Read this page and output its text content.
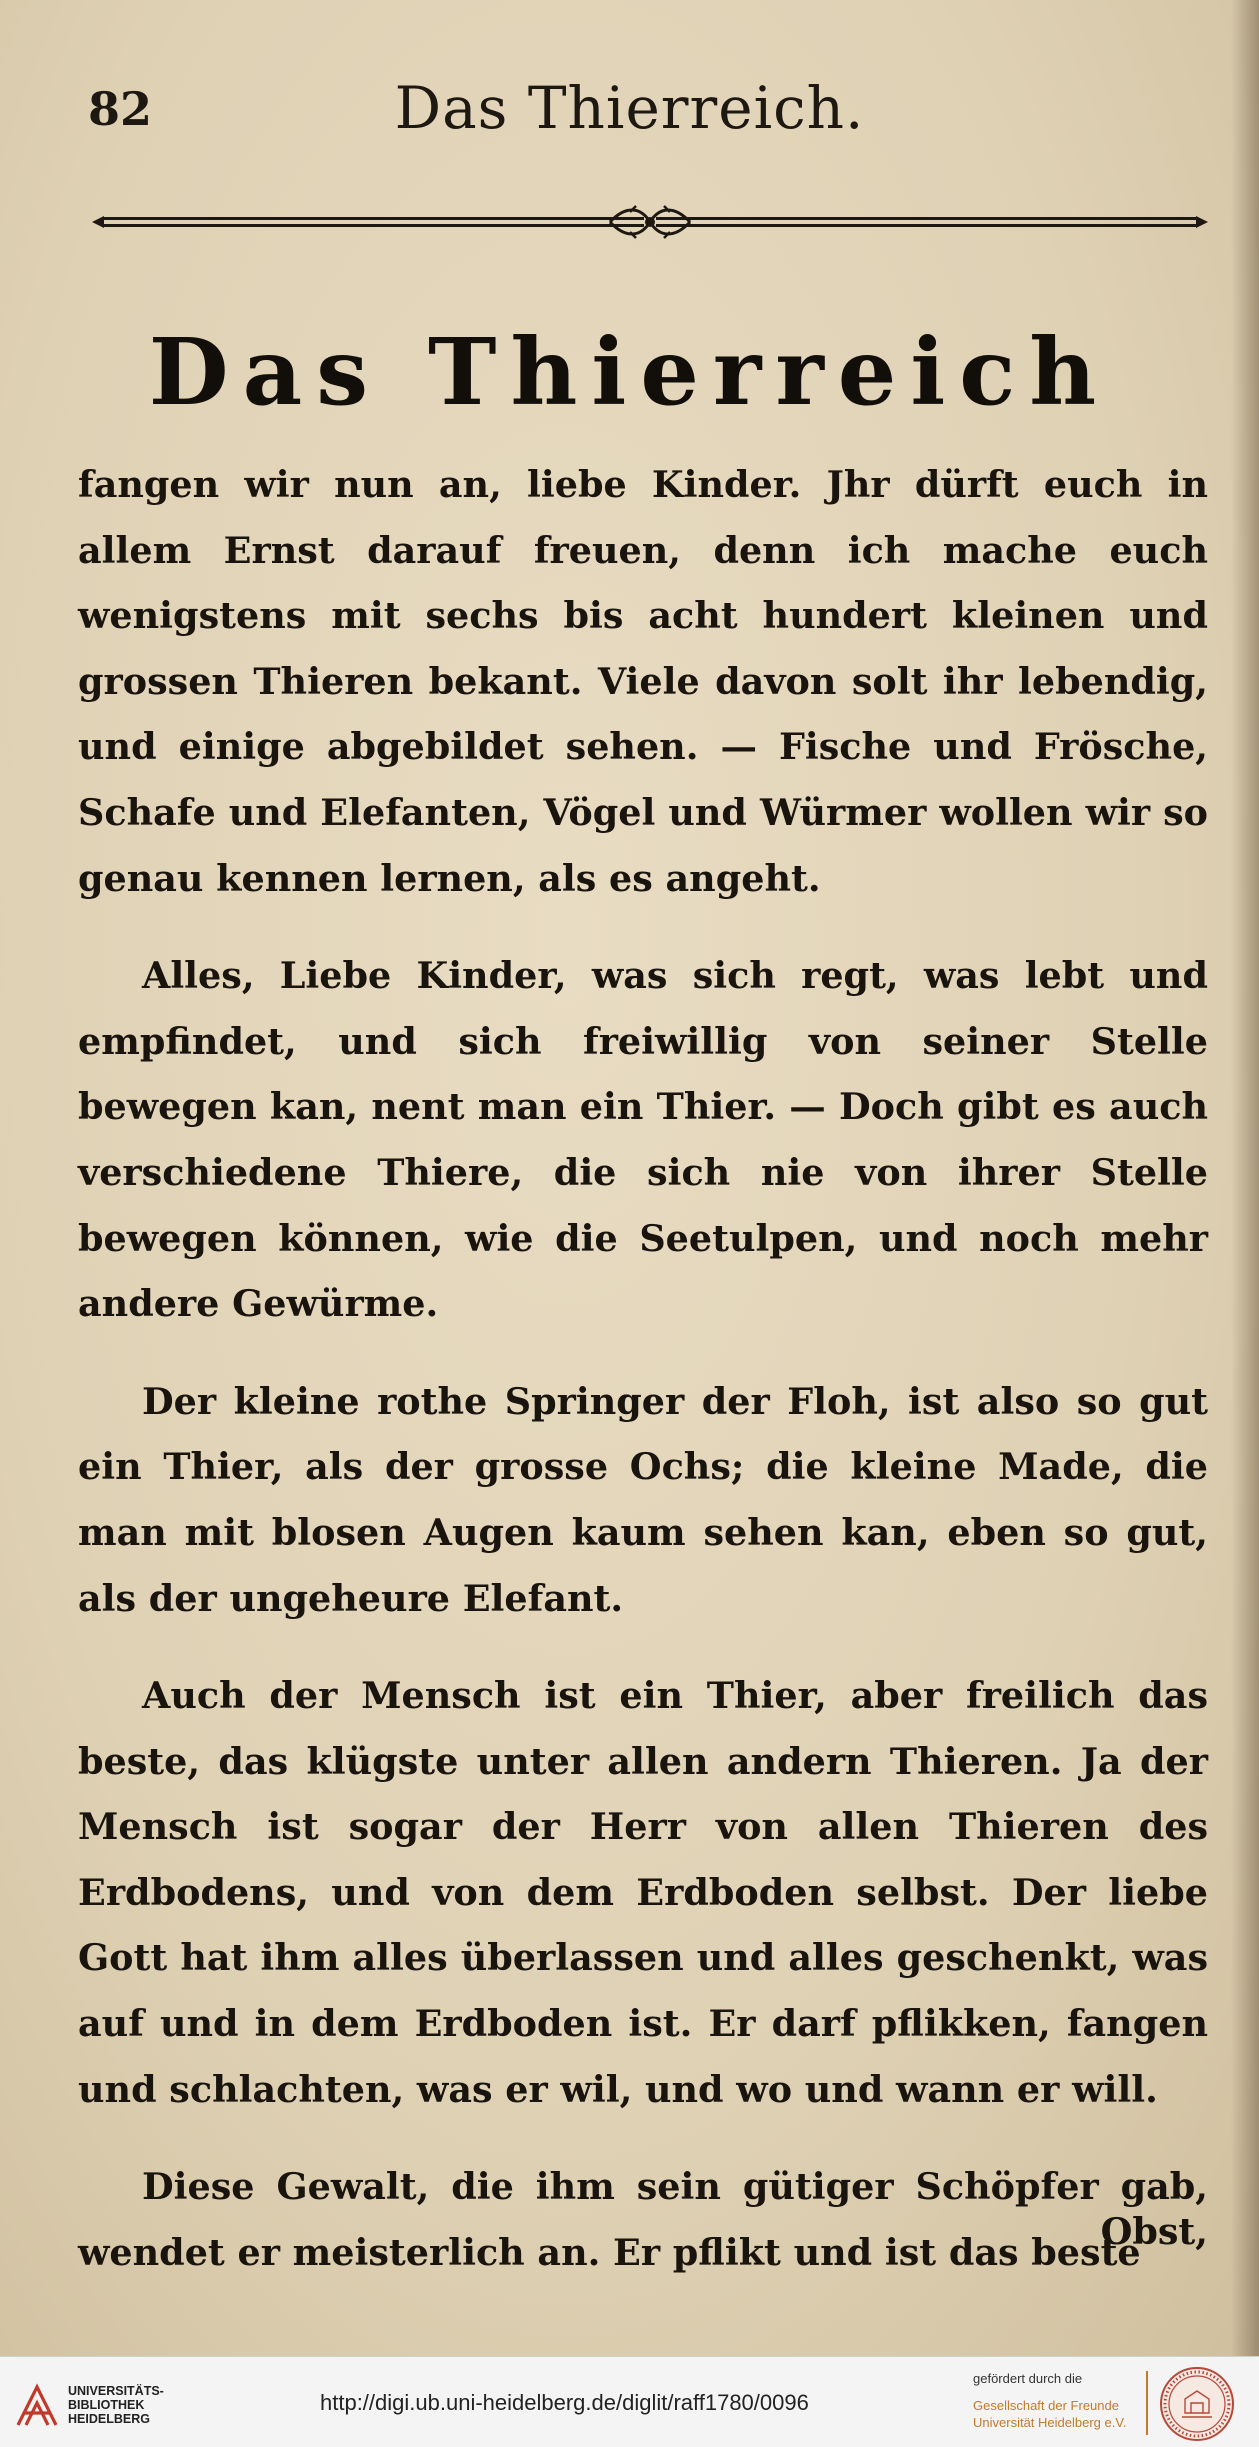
82	Das Thierreich.
Das Thierreich

fangen wir nun an, liebe Kinder. Jhr dürft euch in allem Ernst darauf freuen, denn ich mache euch wenigstens mit sechs bis acht hundert kleinen und grossen Thieren bekant. Viele davon solt ihr lebendig, und einige abgebildet sehen. — Fische und Frösche, Schafe und Elefanten, Vögel und Würmer wollen wir so genau kennen lernen, als es angeht.

Alles, Liebe Kinder, was sich regt, was lebt und empfindet, und sich freiwillig von seiner Stelle bewegen kan, nent man ein Thier. — Doch gibt es auch verschiedene Thiere, die sich nie von ihrer Stelle bewegen können, wie die Seetulpen, und noch mehr andere Gewürme.

Der kleine rothe Springer der Floh, ist also so gut ein Thier, als der grosse Ochs; die kleine Made, die man mit blosen Augen kaum sehen kan, eben so gut, als der ungeheure Elefant.

Auch der Mensch ist ein Thier, aber freilich das beste, das klügste unter allen andern Thieren. Ja der Mensch ist sogar der Herr von allen Thieren des Erdbodens, und von dem Erdboden selbst. Der liebe Gott hat ihm alles überlassen und alles geschenkt, was auf und in dem Erdboden ist. Er darf pflikken, fangen und schlachten, was er wil, und wo und wann er will.

Diese Gewalt, die ihm sein gütiger Schöpfer gab, wendet er meisterlich an. Er pflikt und ist das beste

Obst,
UNIVERSITÄTS-
BIBLIOTHEK
HEIDELBERG
http://digi.ub.uni-heidelberg.de/diglit/raff1780/0096
gefördert durch die
Gesellschaft der Freunde
Universität Heidelberg e.V.
